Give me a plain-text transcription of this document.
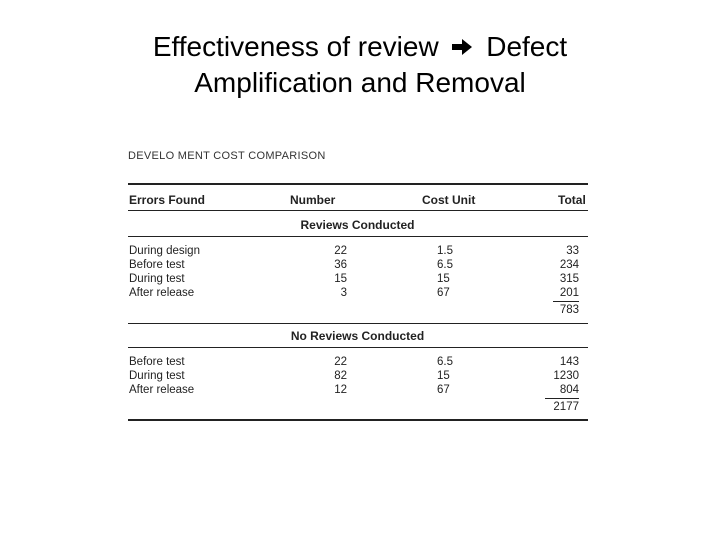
Effectiveness of review Defect
Amplification and Removal
DEVELO MENT COST COMPARISON
Errors Found	Number	Cost Unit	Total
Reviews Conducted
During design	22	1.5	33
Before test	36	6.5	234
During test	15	15	315
After release	3	67	201
783
No Reviews Conducted
Before test	22	6.5	143
During test	82	15	1230
After release	12	67	804
2177
